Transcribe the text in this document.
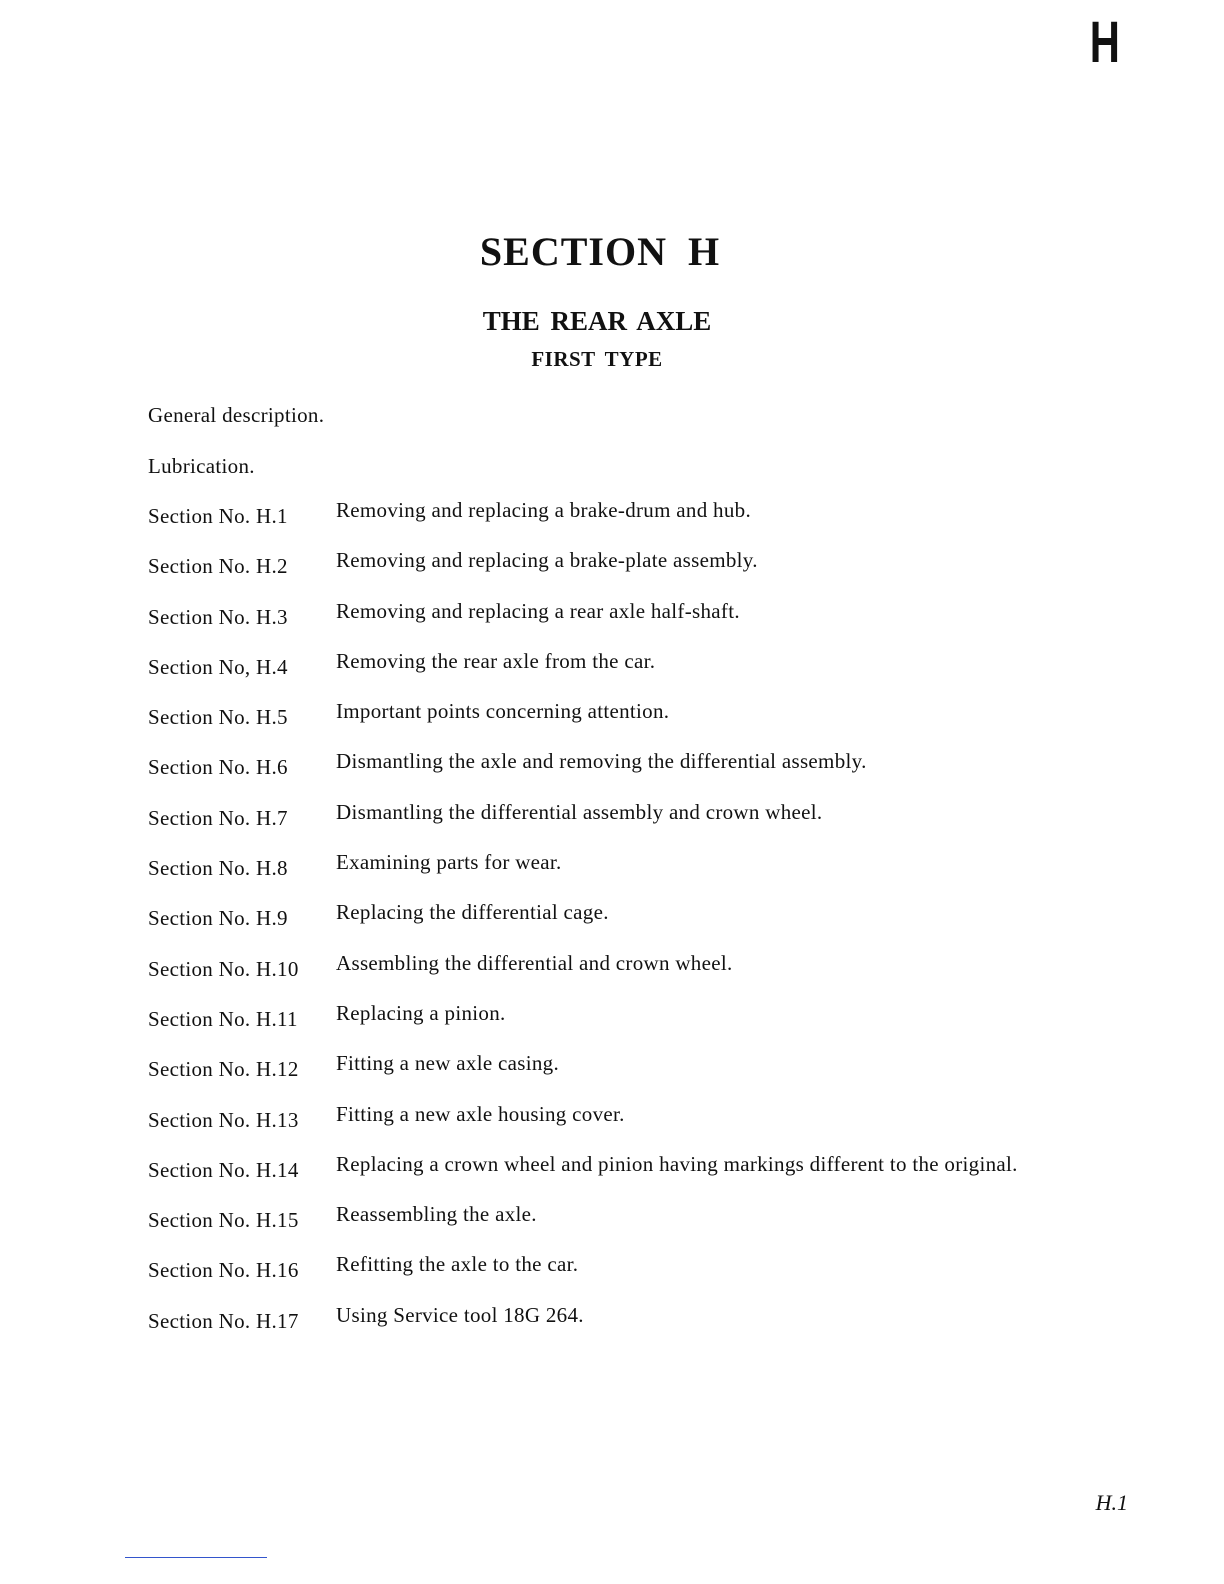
H
SECTION H
THE REAR AXLE
FIRST TYPE
General description.
Lubrication.
Section No. H.1 Removing and replacing a brake-drum and hub.
Section No. H.2 Removing and replacing a brake-plate assembly.
Section No. H.3 Removing and replacing a rear axle half-shaft.
Section No, H.4 Removing the rear axle from the car.
Section No. H.5 Important points concerning attention.
Section No. H.6 Dismantling the axle and removing the differential assembly.
Section No. H.7 Dismantling the differential assembly and crown wheel.
Section No. H.8 Examining parts for wear.
Section No. H.9 Replacing the differential cage.
Section No. H.10 Assembling the differential and crown wheel.
Section No. H.11 Replacing a pinion.
Section No. H.12 Fitting a new axle casing.
Section No. H.13 Fitting a new axle housing cover.
Section No. H.14 Replacing a crown wheel and pinion having markings different to the original.
Section No. H.15 Reassembling the axle.
Section No. H.16 Refitting the axle to the car.
Section No. H.17 Using Service tool 18G 264.
H.1
